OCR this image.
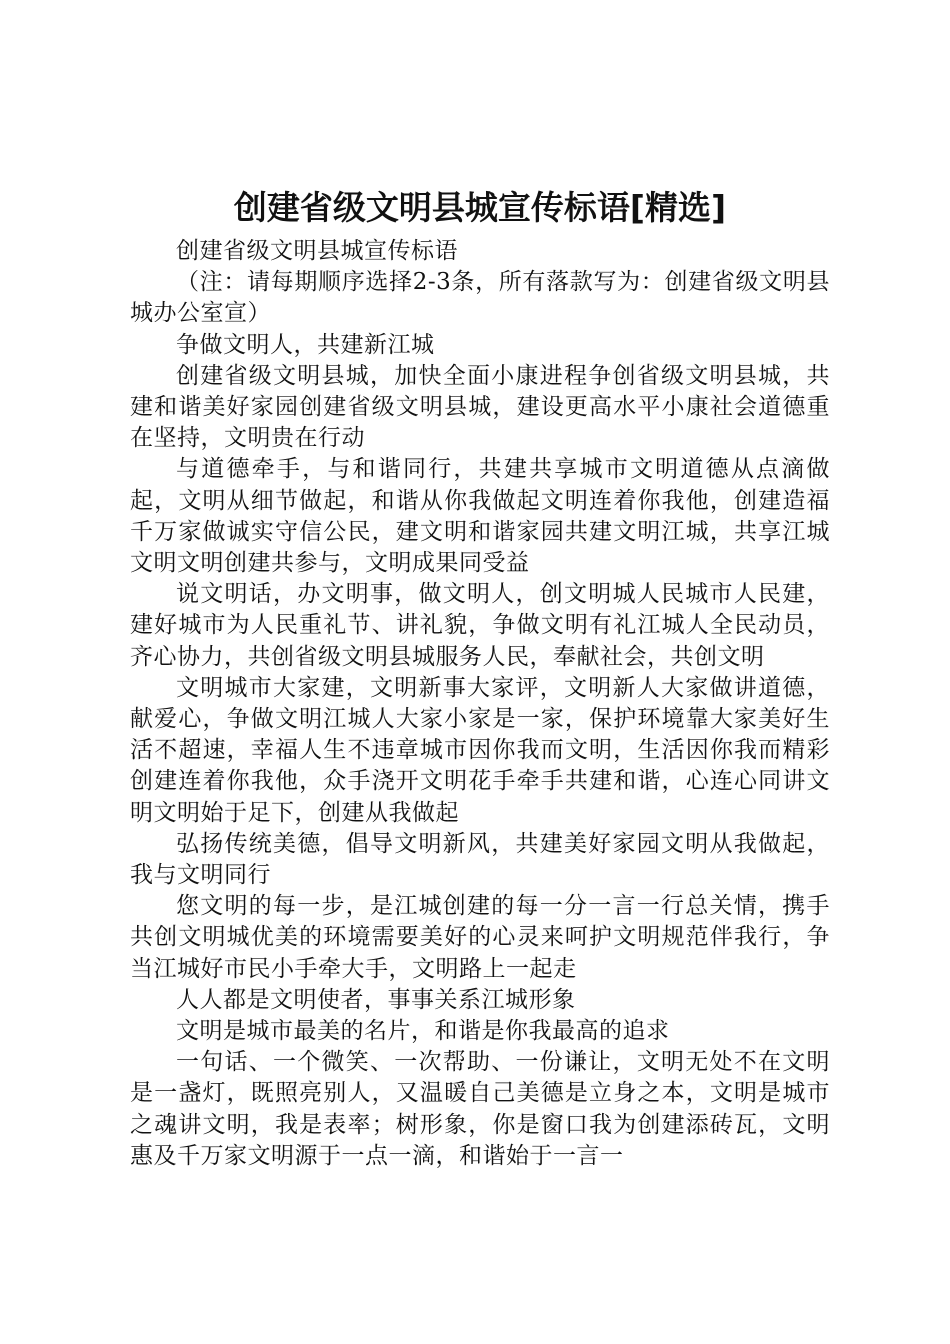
创建省级文明县城宣传标语[精选]

创建省级文明县城宣传标语

（注：请每期顺序选择2-3条，所有落款写为：创建省级文明县城办公室宣）

争做文明人，共建新江城

创建省级文明县城，加快全面小康进程争创省级文明县城，共建和谐美好家园创建省级文明县城，建设更高水平小康社会道德重在坚持，文明贵在行动

与道德牵手，与和谐同行，共建共享城市文明道德从点滴做起，文明从细节做起，和谐从你我做起文明连着你我他，创建造福千万家做诚实守信公民，建文明和谐家园共建文明江城，共享江城文明文明创建共参与，文明成果同受益

说文明话，办文明事，做文明人，创文明城人民城市人民建，建好城市为人民重礼节、讲礼貌，争做文明有礼江城人全民动员，齐心协力，共创省级文明县城服务人民，奉献社会，共创文明

文明城市大家建，文明新事大家评，文明新人大家做讲道德，献爱心，争做文明江城人大家小家是一家，保护环境靠大家美好生活不超速，幸福人生不违章城市因你我而文明，生活因你我而精彩创建连着你我他，众手浇开文明花手牵手共建和谐，心连心同讲文明文明始于足下，创建从我做起

弘扬传统美德，倡导文明新风，共建美好家园文明从我做起，我与文明同行

您文明的每一步，是江城创建的每一分一言一行总关情，携手共创文明城优美的环境需要美好的心灵来呵护文明规范伴我行，争当江城好市民小手牵大手，文明路上一起走

人人都是文明使者，事事关系江城形象

文明是城市最美的名片，和谐是你我最高的追求

一句话、一个微笑、一次帮助、一份谦让，文明无处不在文明是一盏灯，既照亮别人，又温暖自己美德是立身之本，文明是城市之魂讲文明，我是表率；树形象，你是窗口我为创建添砖瓦，文明惠及千万家文明源于一点一滴，和谐始于一言一
